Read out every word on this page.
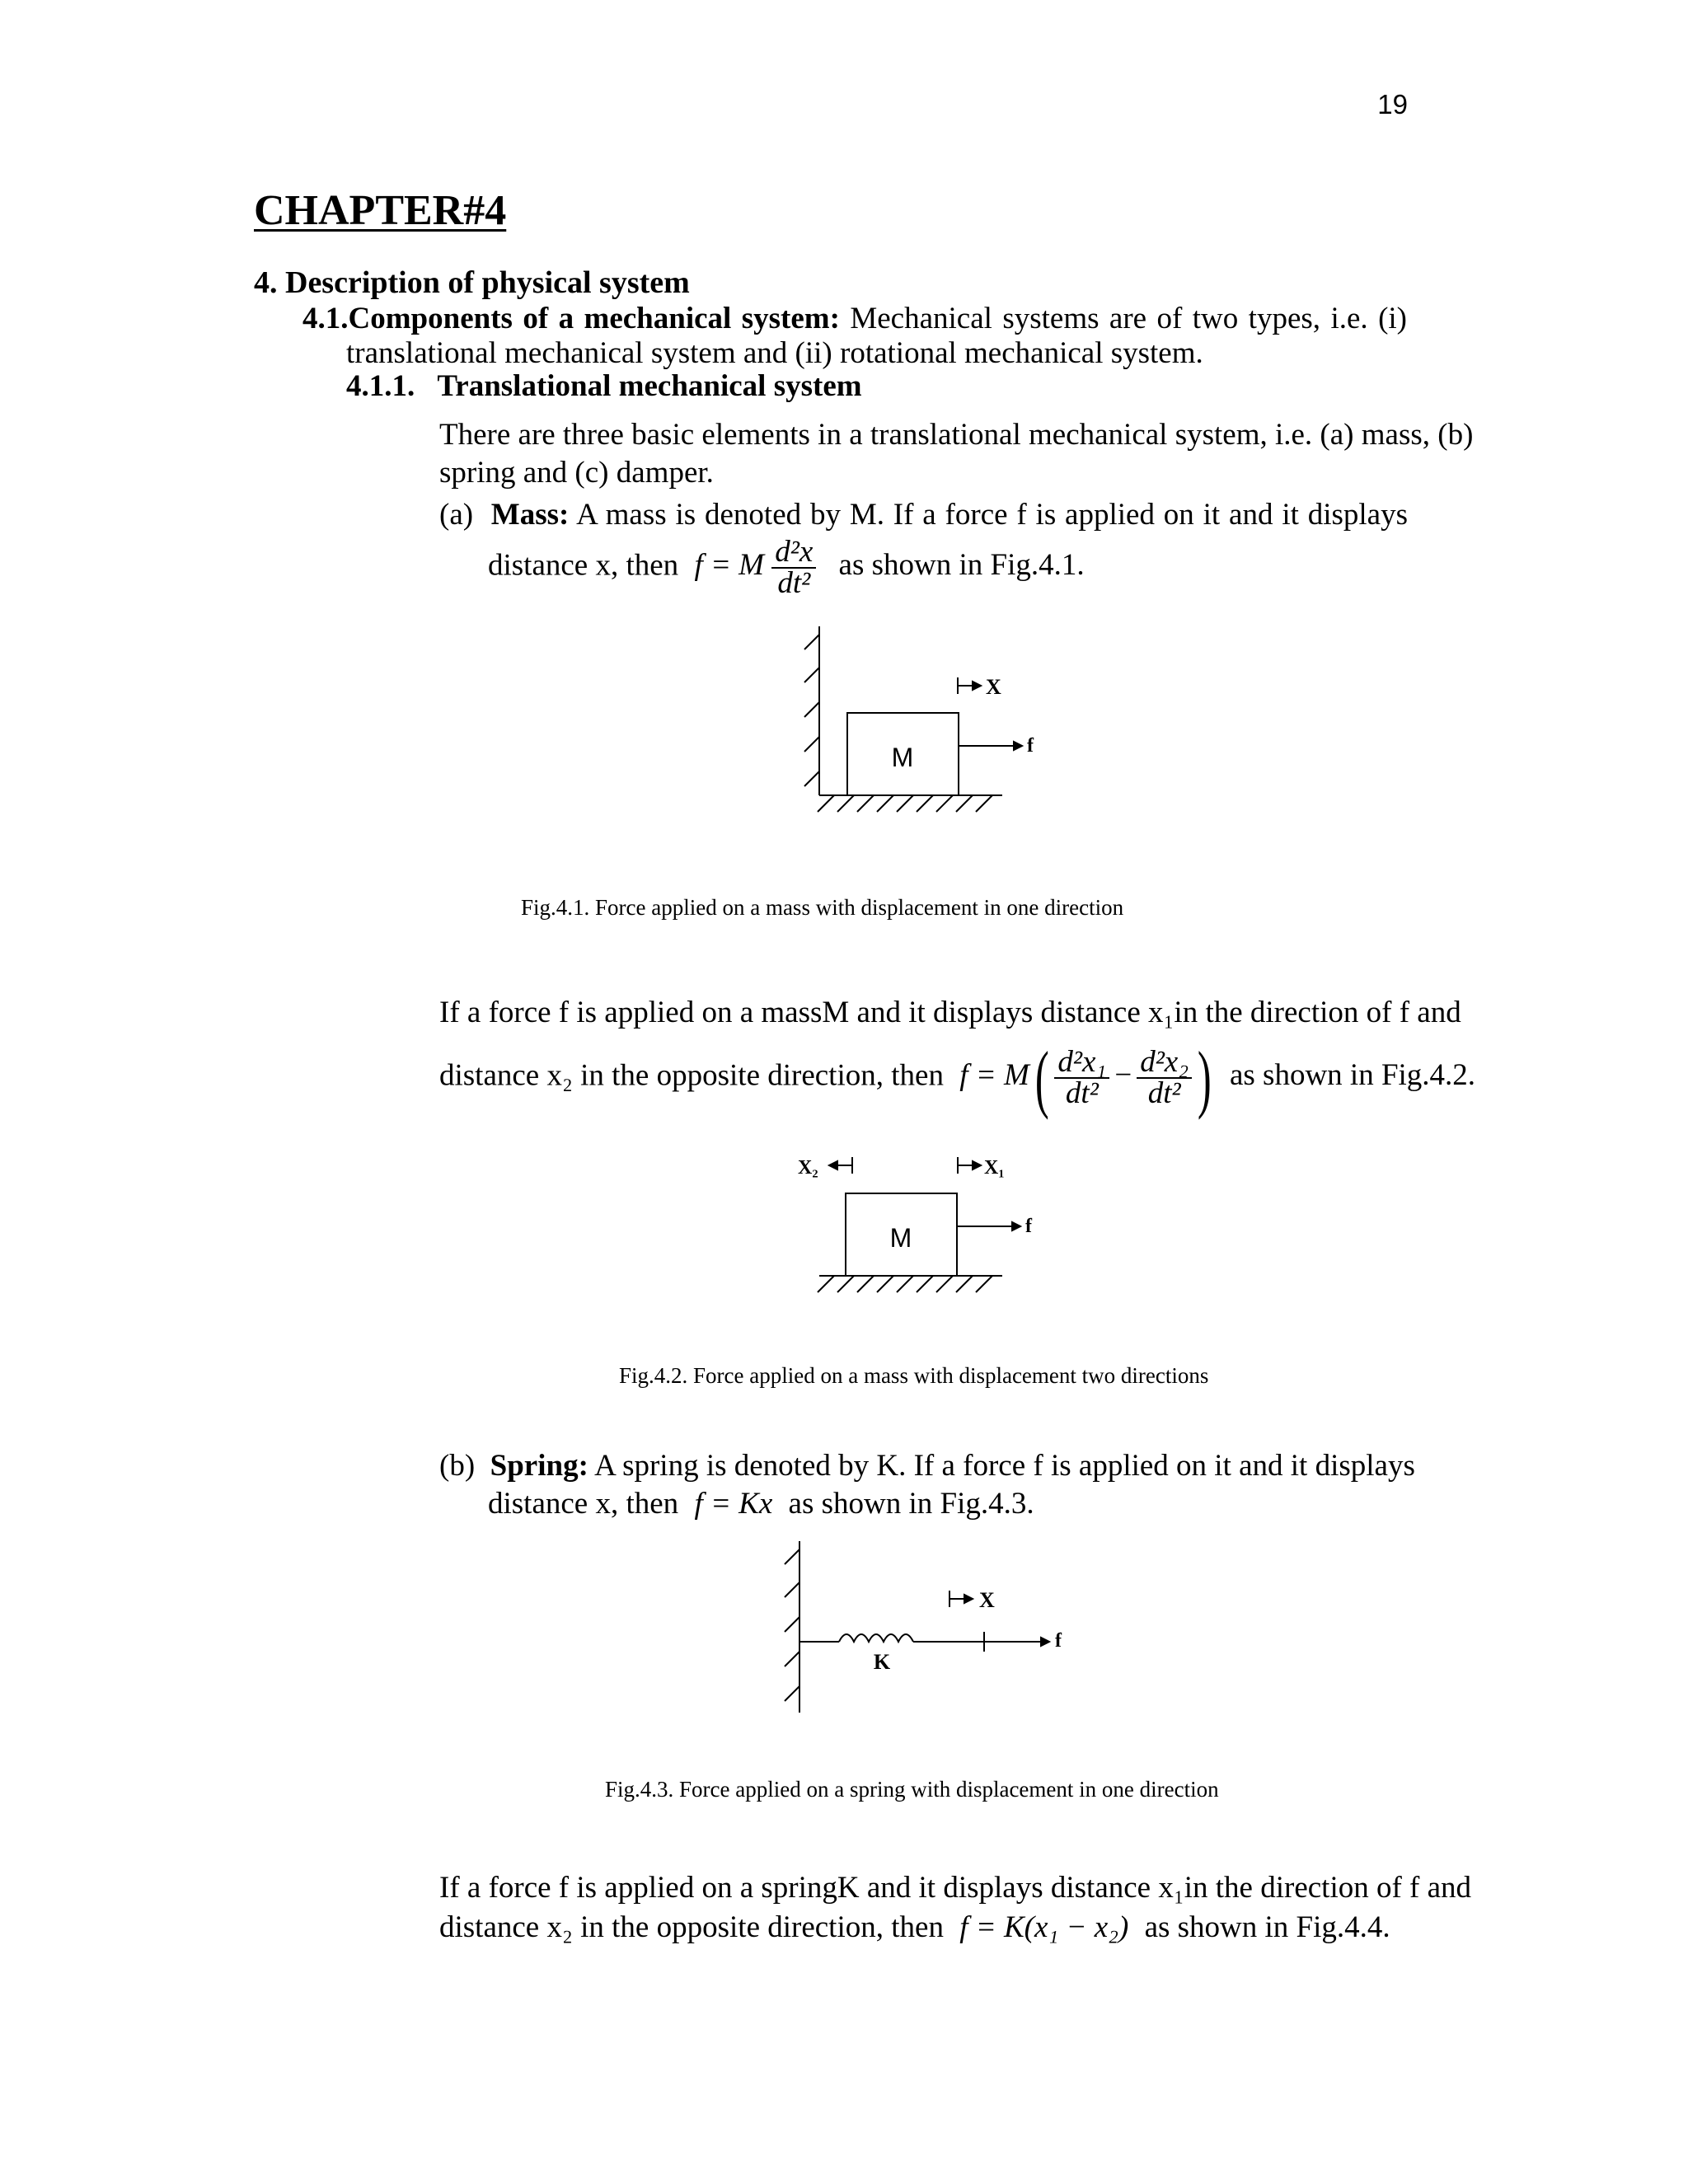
19
CHAPTER#4
4. Description of physical system
4.1.Components of a mechanical system: Mechanical systems are of two types, i.e. (i)
translational mechanical system and (ii) rotational mechanical system.
4.1.1. Translational mechanical system
There are three basic elements in a translational mechanical system, i.e. (a) mass, (b)
spring and (c) damper.
(a) Mass: A mass is denoted by M. If a force f is applied on it and it displays
distance x, then f = M $\frac{\text{d²x}}{\text{dt²}}$ as shown in Fig.4.1.
M
X
f
Fig.4.1. Force applied on a mass with displacement in one direction
If a force f is applied on a massM and it displays distance x₁in the direction of f and
distance x₂ in the opposite direction, then $f = M( \frac{\text{d²x₁}}{\text{dt²}} - \frac{\text{d²x₂}}{\text{dt²}}$ ) as shown in Fig.4.2.
M
X₂	X₁
f
Fig.4.2. Force applied on a mass with displacement two directions
(b) Spring: A spring is denoted by K. If a force f is applied on it and it displays
distance x, then f = Kx as shown in Fig.4.3.
K
X
f
Fig.4.3. Force applied on a spring with displacement in one direction
If a force f is applied on a springK and it displays distance x₁in the direction of f and
distance x₂ in the opposite direction, then f = K(x₁ − x₂) as shown in Fig.4.4.
